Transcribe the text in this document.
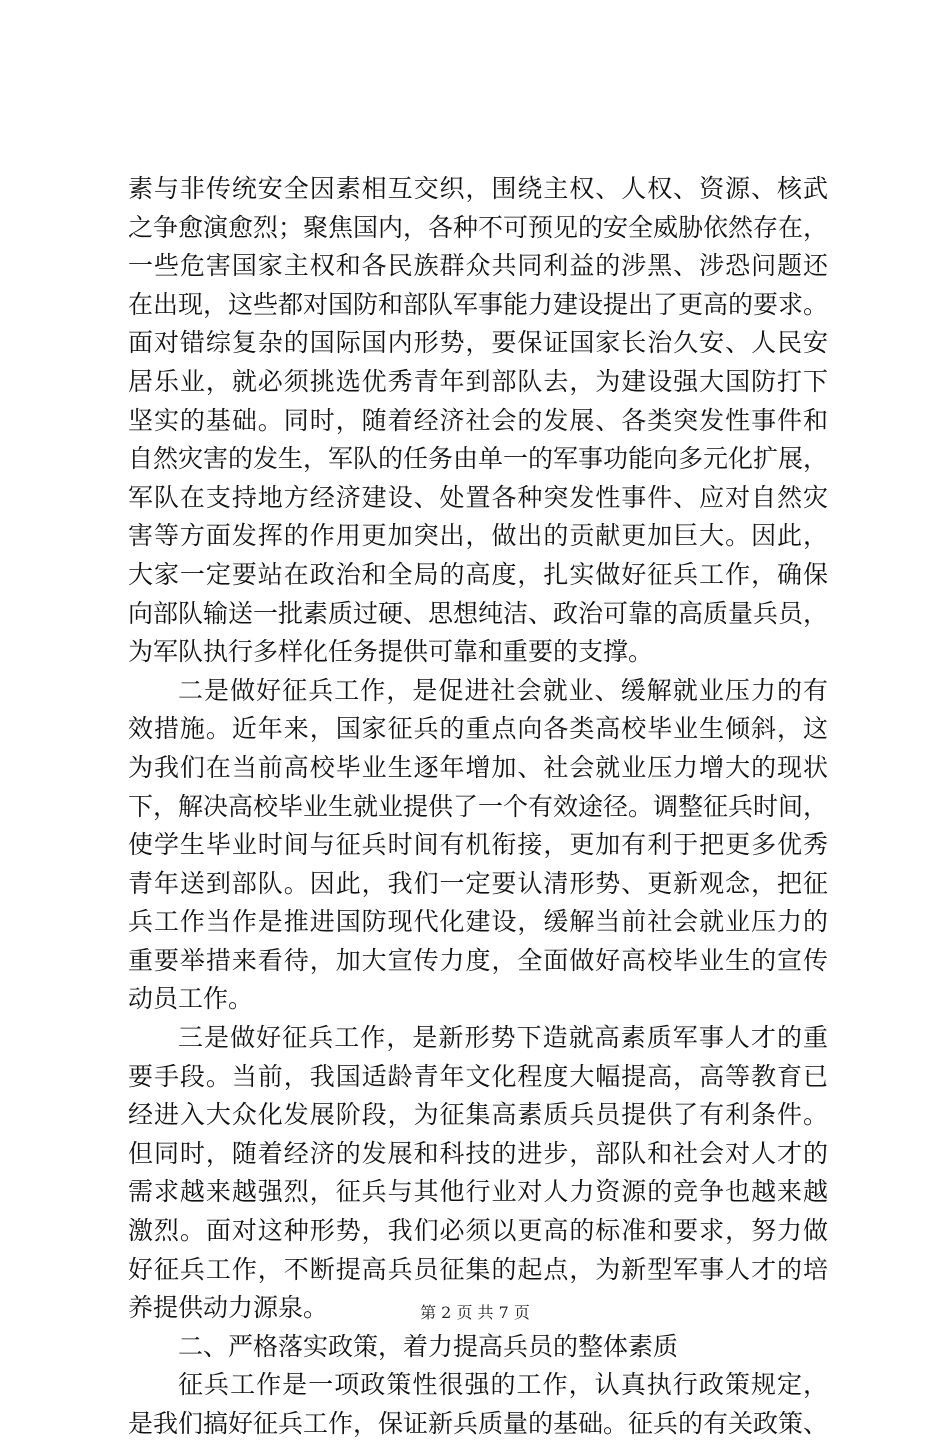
素与非传统安全因素相互交织，围绕主权、人权、资源、核武
之争愈演愈烈；聚焦国内，各种不可预见的安全威胁依然存在，
一些危害国家主权和各民族群众共同利益的涉黑、涉恐问题还
在出现，这些都对国防和部队军事能力建设提出了更高的要求。
面对错综复杂的国际国内形势，要保证国家长治久安、人民安
居乐业，就必须挑选优秀青年到部队去，为建设强大国防打下
坚实的基础。同时，随着经济社会的发展、各类突发性事件和
自然灾害的发生，军队的任务由单一的军事功能向多元化扩展，
军队在支持地方经济建设、处置各种突发性事件、应对自然灾
害等方面发挥的作用更加突出，做出的贡献更加巨大。因此，
大家一定要站在政治和全局的高度，扎实做好征兵工作，确保
向部队输送一批素质过硬、思想纯洁、政治可靠的高质量兵员，
为军队执行多样化任务提供可靠和重要的支撑。
二是做好征兵工作，是促进社会就业、缓解就业压力的有
效措施。近年来，国家征兵的重点向各类高校毕业生倾斜，这
为我们在当前高校毕业生逐年增加、社会就业压力增大的现状
下，解决高校毕业生就业提供了一个有效途径。调整征兵时间，
使学生毕业时间与征兵时间有机衔接，更加有利于把更多优秀
青年送到部队。因此，我们一定要认清形势、更新观念，把征
兵工作当作是推进国防现代化建设，缓解当前社会就业压力的
重要举措来看待，加大宣传力度，全面做好高校毕业生的宣传
动员工作。
三是做好征兵工作，是新形势下造就高素质军事人才的重
要手段。当前，我国适龄青年文化程度大幅提高，高等教育已
经进入大众化发展阶段，为征集高素质兵员提供了有利条件。
但同时，随着经济的发展和科技的进步，部队和社会对人才的
需求越来越强烈，征兵与其他行业对人力资源的竞争也越来越
激烈。面对这种形势，我们必须以更高的标准和要求，努力做
好征兵工作，不断提高兵员征集的起点，为新型军事人才的培
养提供动力源泉。
二、严格落实政策，着力提高兵员的整体素质
征兵工作是一项政策性很强的工作，认真执行政策规定，
是我们搞好征兵工作，保证新兵质量的基础。征兵的有关政策、
第 2 页 共 7 页
